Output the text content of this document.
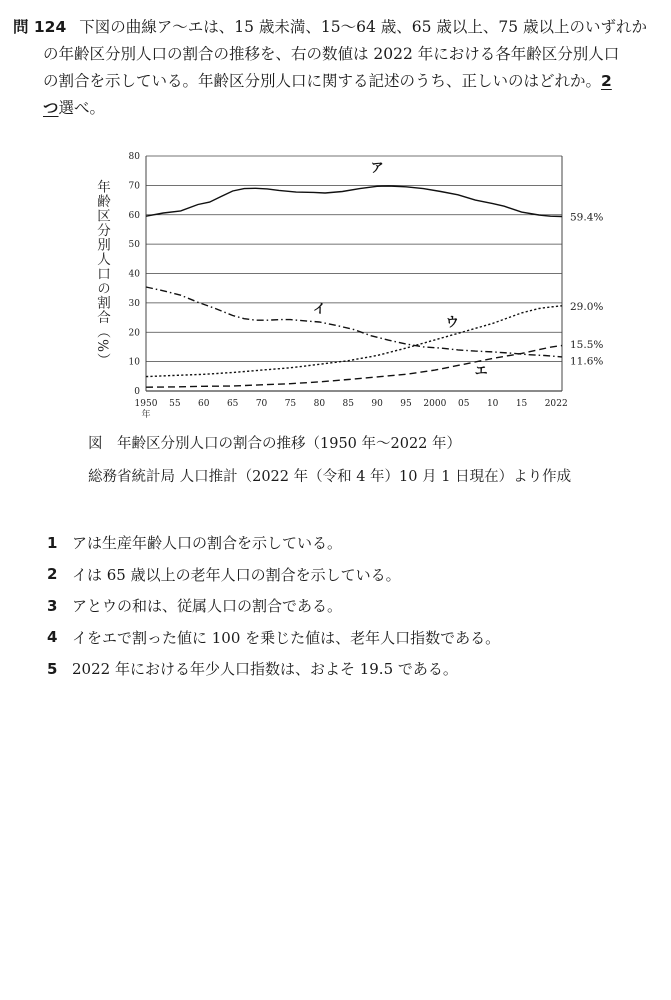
問 124 下図の曲線ア～エは、15 歳未満、15～64 歳、65 歳以上、75 歳以上のいずれか
の年齢区分別人口の割合の推移を、右の数値は 2022 年における各年齢区分別人口
の割合を示している。年齢区分別人口に関する記述のうち、正しいのはどれか。2
つ選べ。
0
10
20
30
40
50
60
70
80
1950 55 60 65 70 75 80 85 90 95 2000 05 10 15 20 22
年
年齢区分別人口の割合（%）
ア
59.4%
イ
11.6%
ウ
29.0%
エ
15.5%
図　年齢区分別人口の割合の推移（1950 年～2022 年）
総務省統計局 人口推計（2022 年（令和 4 年）10 月 1 日現在）より作成
1 アは生産年齢人口の割合を示している。
2 イは 65 歳以上の老年人口の割合を示している。
3 アとウの和は、従属人口の割合である。
4 イをエで割った値に 100 を乗じた値は、老年人口指数である。
5 2022 年における年少人口指数は、およそ 19.5 である。
